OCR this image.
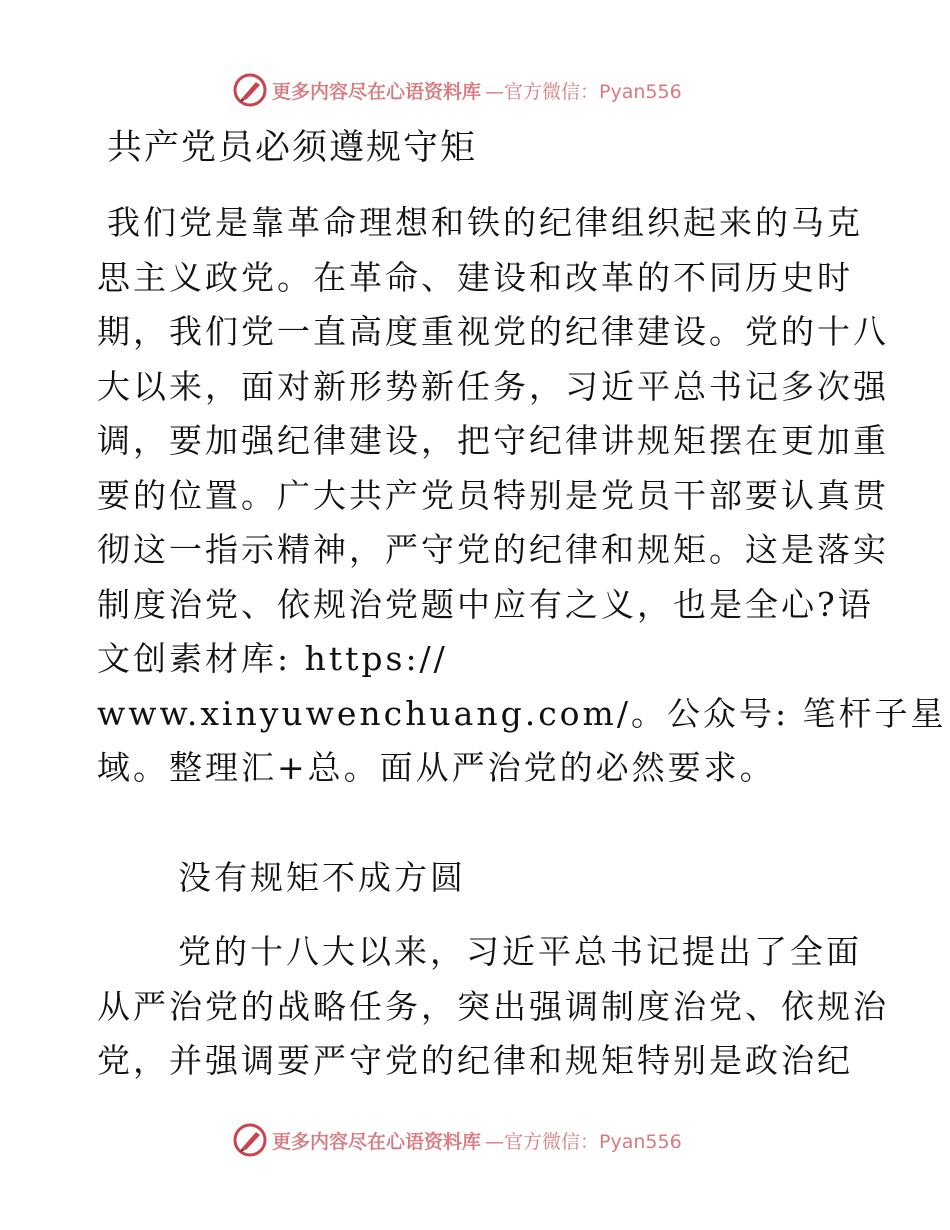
更多内容尽在心语资料库 —官方微信：Pyan556
共产党员必须遵规守矩
我们党是靠革命理想和铁的纪律组织起来的马克
思主义政党。在革命、建设和改革的不同历史时
期，我们党一直高度重视党的纪律建设。党的十八
大以来，面对新形势新任务，习近平总书记多次强
调，要加强纪律建设，把守纪律讲规矩摆在更加重
要的位置。广大共产党员特别是党员干部要认真贯
彻这一指示精神，严守党的纪律和规矩。这是落实
制度治党、依规治党题中应有之义，也是全心?语
文创素材库: https://
www.xinyuwenchuang.com/。公众号: 笔杆子星
域。整理汇+总。面从严治党的必然要求。
没有规矩不成方圆
党的十八大以来，习近平总书记提出了全面
从严治党的战略任务，突出强调制度治党、依规治
党，并强调要严守党的纪律和规矩特别是政治纪
更多内容尽在心语资料库 —官方微信：Pyan556
